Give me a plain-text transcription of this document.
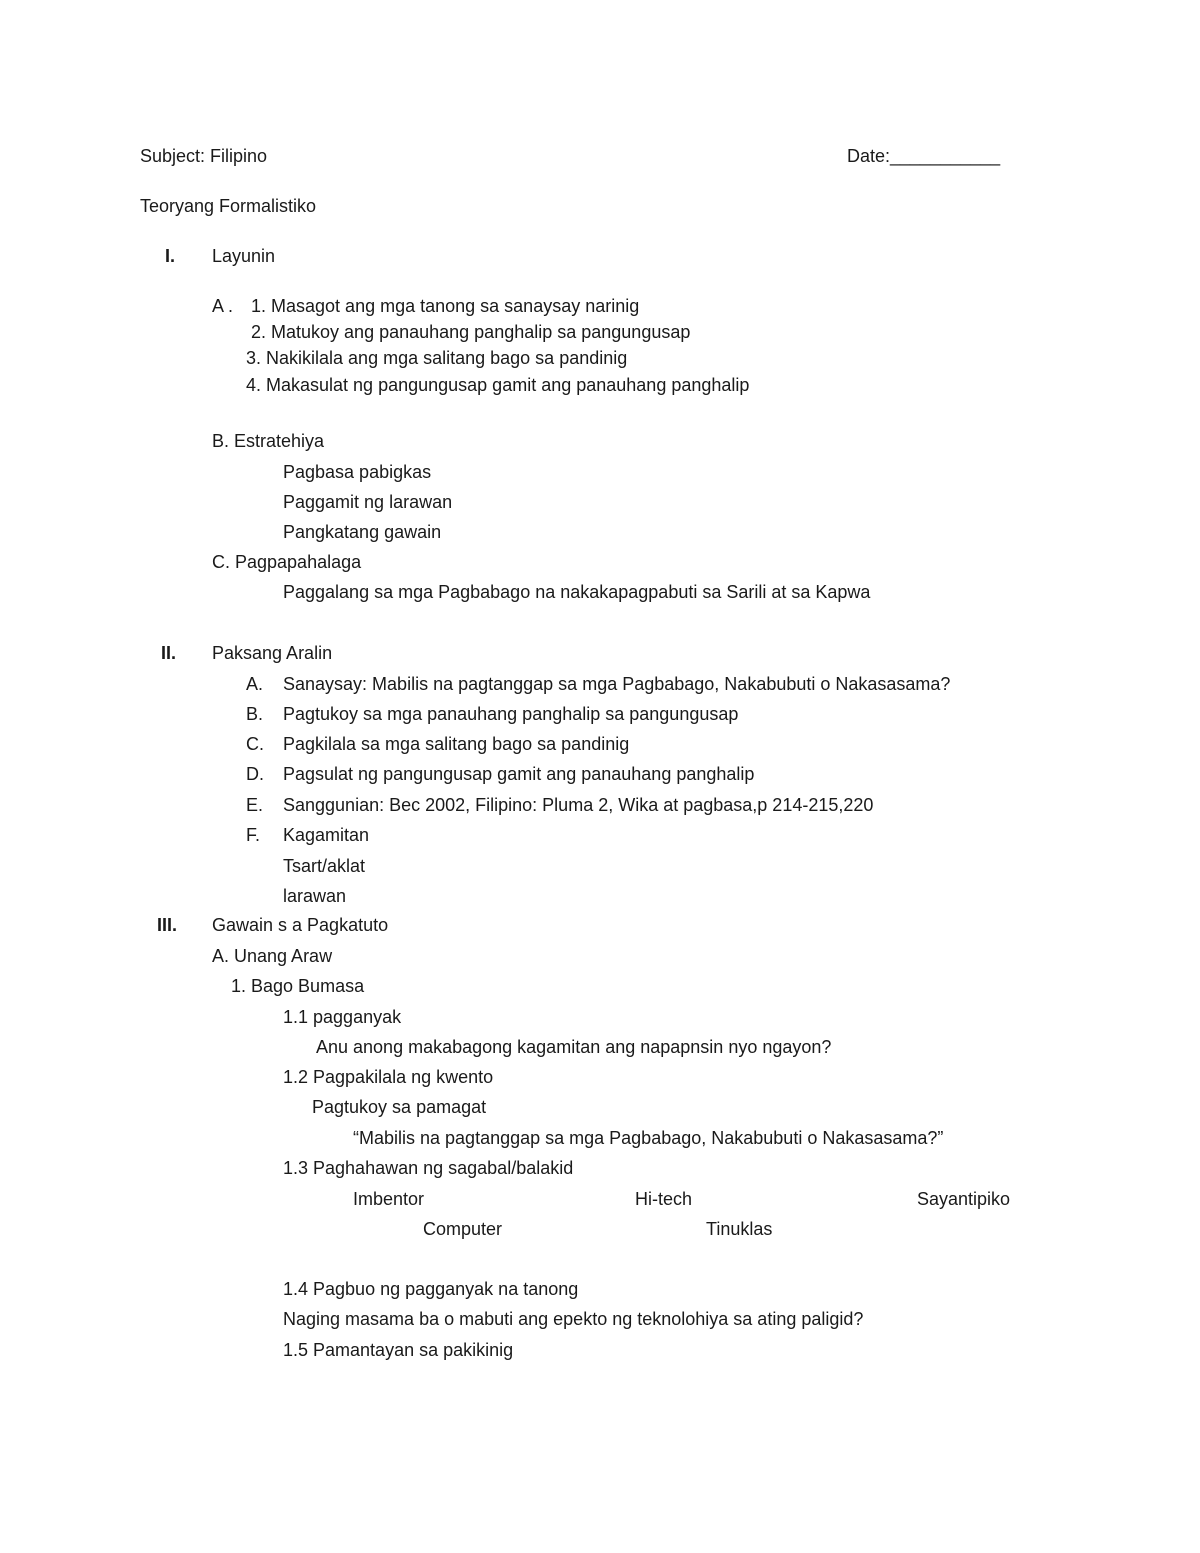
Subject: Filipino	Date:___________
Teoryang Formalistiko
I. Layunin
A . 1. Masagot ang mga tanong sa sanaysay narinig
2. Matukoy ang panauhang panghalip sa pangungusap
3. Nakikilala ang mga salitang bago sa pandinig
4. Makasulat ng pangungusap gamit ang panauhang panghalip
B. Estratehiya
Pagbasa pabigkas
Paggamit ng larawan
Pangkatang gawain
C. Pagpapahalaga
Paggalang sa mga Pagbabago na nakakapagpabuti sa Sarili at sa Kapwa
II. Paksang Aralin
A. Sanaysay: Mabilis na pagtanggap sa mga Pagbabago, Nakabubuti o Nakasasama?
B. Pagtukoy sa mga panauhang panghalip sa pangungusap
C. Pagkilala sa mga salitang bago sa pandinig
D. Pagsulat ng pangungusap gamit ang panauhang panghalip
E. Sanggunian: Bec 2002, Filipino: Pluma 2, Wika at pagbasa,p 214-215,220
F. Kagamitan
Tsart/aklat
larawan
III. Gawain s a Pagkatuto
A. Unang Araw
1. Bago Bumasa
1.1 pagganyak
Anu anong makabagong kagamitan ang napapnsin nyo ngayon?
1.2 Pagpakilala ng kwento
Pagtukoy sa pamagat
“Mabilis na pagtanggap sa mga Pagbabago, Nakabubuti o Nakasasama?”
1.3 Paghahawan ng sagabal/balakid
Imbentor	Hi-tech	Sayantipiko
Computer	Tinuklas
1.4 Pagbuo ng pagganyak na tanong
Naging masama ba o mabuti ang epekto ng teknolohiya sa ating paligid?
1.5 Pamantayan sa pakikinig
